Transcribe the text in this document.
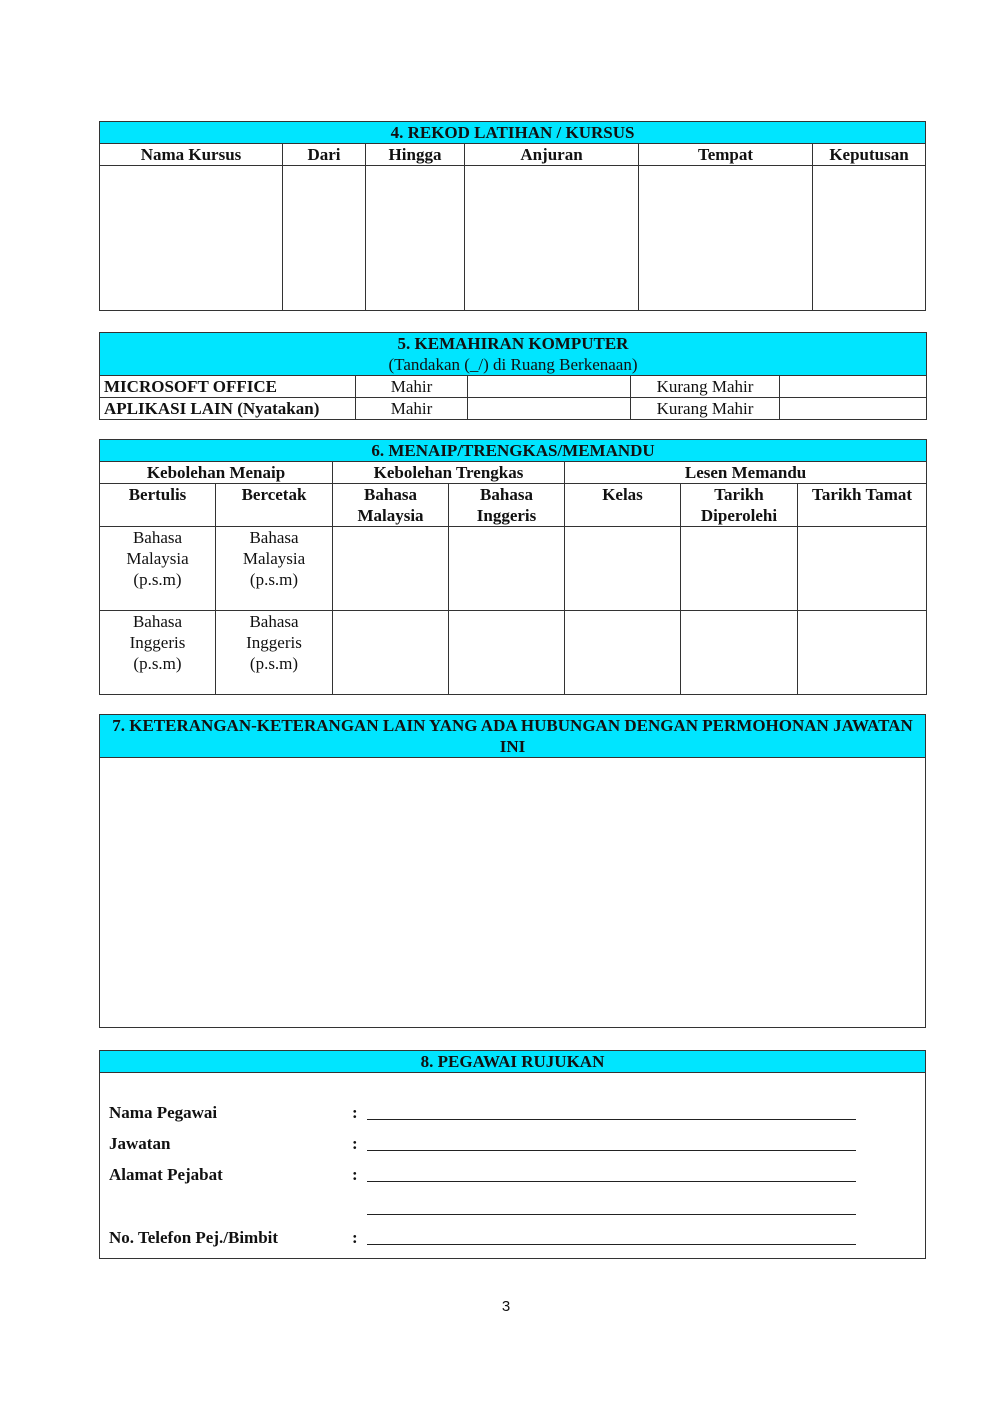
4. REKOD LATIHAN / KURSUS					
Nama Kursus	Dari	Hingga	Anjuran	Tempat	Keputusan

5. KEMAHIRAN KOMPUTER
(Tandakan (_/) di Ruang Berkenaan)				

MICROSOFT OFFICE	Mahir		Kurang Mahir	
APLIKASI LAIN (Nyatakan)	Mahir		Kurang Mahir	
6. MENAIP/TRENGKAS/MEMANDU						
Kebolehan Menaip		Kebolehan Trengkas		Lesen Memandu		
Bertulis	Bercetak	Bahasa Malaysia	Bahasa Inggeris	Kelas	Tarikh Diperolehi	Tarikh Tamat
Bahasa Malaysia (p.s.m)	Bahasa Malaysia (p.s.m)					
Bahasa Inggeris (p.s.m)	Bahasa Inggeris (p.s.m)					
7. KETERANGAN-KETERANGAN LAIN YANG ADA HUBUNGAN DENGAN PERMOHONAN JAWATAN INI

8. PEGAWAI RUJUKAN

Nama Pegawai	:
Jawatan	:
Alamat Pejabat	:
No. Telefon Pej./Bimbit	:
3
